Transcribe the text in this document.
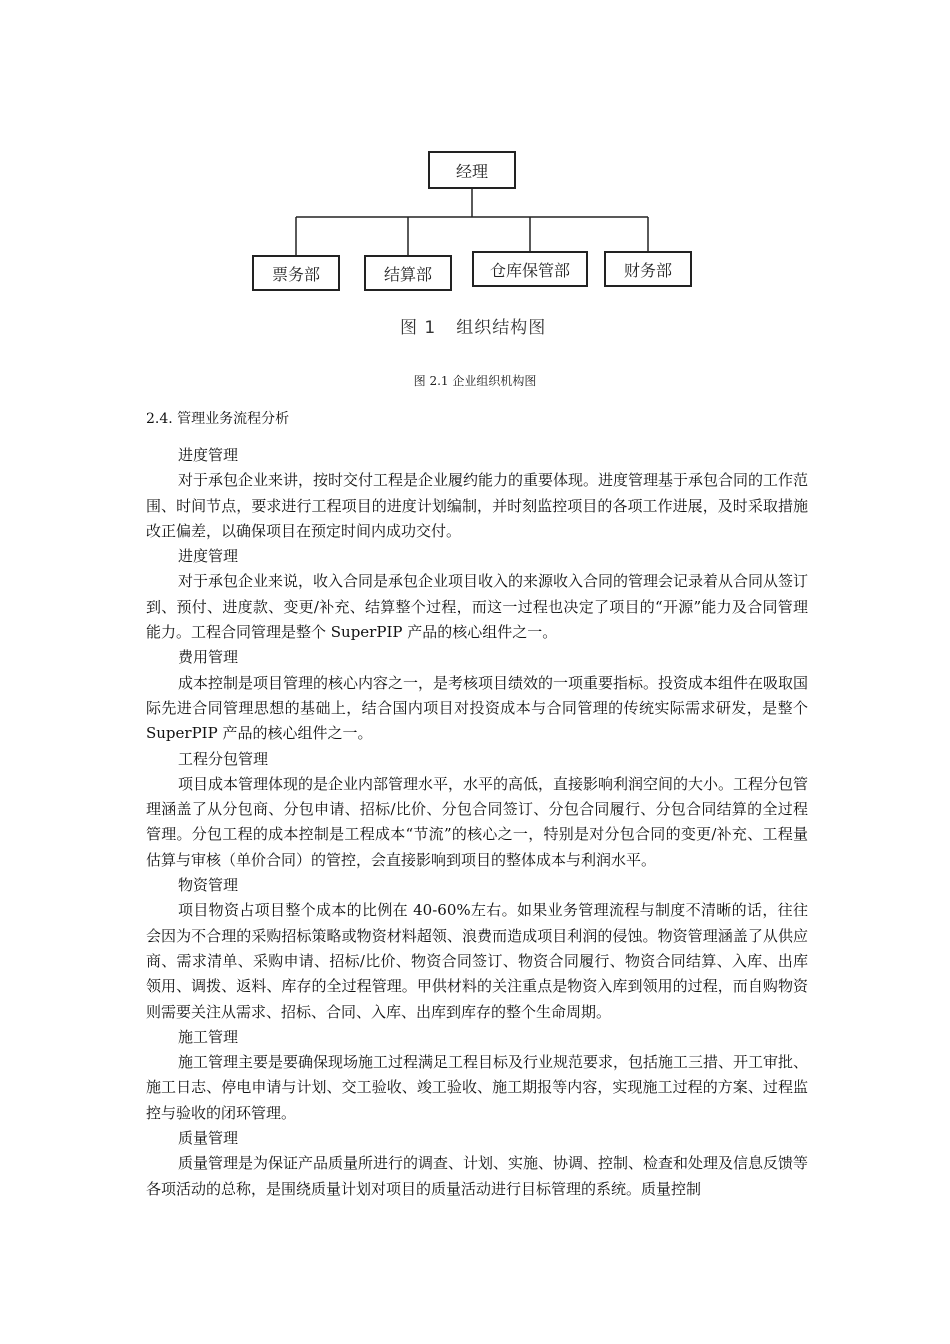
经理
票务部	结算部	仓库保管部	财务部
图 1 组织结构图
图 2.1 企业组织机构图
2.4. 管理业务流程分析

进度管理

对于承包企业来讲，按时交付工程是企业履约能力的重要体现。进度管理基于承包合同的工作范围、时间节点，要求进行工程项目的进度计划编制，并时刻监控项目的各项工作进展，及时采取措施改正偏差，以确保项目在预定时间内成功交付。

进度管理

对于承包企业来说，收入合同是承包企业项目收入的来源收入合同的管理会记录着从合同从签订到、预付、进度款、变更/补充、结算整个过程，而这一过程也决定了项目的“开源”能力及合同管理能力。工程合同管理是整个 SuperPIP 产品的核心组件之一。

费用管理

成本控制是项目管理的核心内容之一，是考核项目绩效的一项重要指标。投资成本组件在吸取国际先进合同管理思想的基础上，结合国内项目对投资成本与合同管理的传统实际需求研发，是整个 SuperPIP 产品的核心组件之一。

工程分包管理

项目成本管理体现的是企业内部管理水平，水平的高低，直接影响利润空间的大小。工程分包管理涵盖了从分包商、分包申请、招标/比价、分包合同签订、分包合同履行、分包合同结算的全过程管理。分包工程的成本控制是工程成本“节流”的核心之一，特别是对分包合同的变更/补充、工程量估算与审核（单价合同）的管控，会直接影响到项目的整体成本与利润水平。

物资管理

项目物资占项目整个成本的比例在 40-60%左右。如果业务管理流程与制度不清晰的话，往往会因为不合理的采购招标策略或物资材料超领、浪费而造成项目利润的侵蚀。物资管理涵盖了从供应商、需求清单、采购申请、招标/比价、物资合同签订、物资合同履行、物资合同结算、入库、出库领用、调拨、返料、库存的全过程管理。甲供材料的关注重点是物资入库到领用的过程，而自购物资则需要关注从需求、招标、合同、入库、出库到库存的整个生命周期。

施工管理

施工管理主要是要确保现场施工过程满足工程目标及行业规范要求，包括施工三措、开工审批、施工日志、停电申请与计划、交工验收、竣工验收、施工期报等内容，实现施工过程的方案、过程监控与验收的闭环管理。

质量管理

质量管理是为保证产品质量所进行的调查、计划、实施、协调、控制、检查和处理及信息反馈等各项活动的总称，是围绕质量计划对项目的质量活动进行目标管理的系统。质量控制
